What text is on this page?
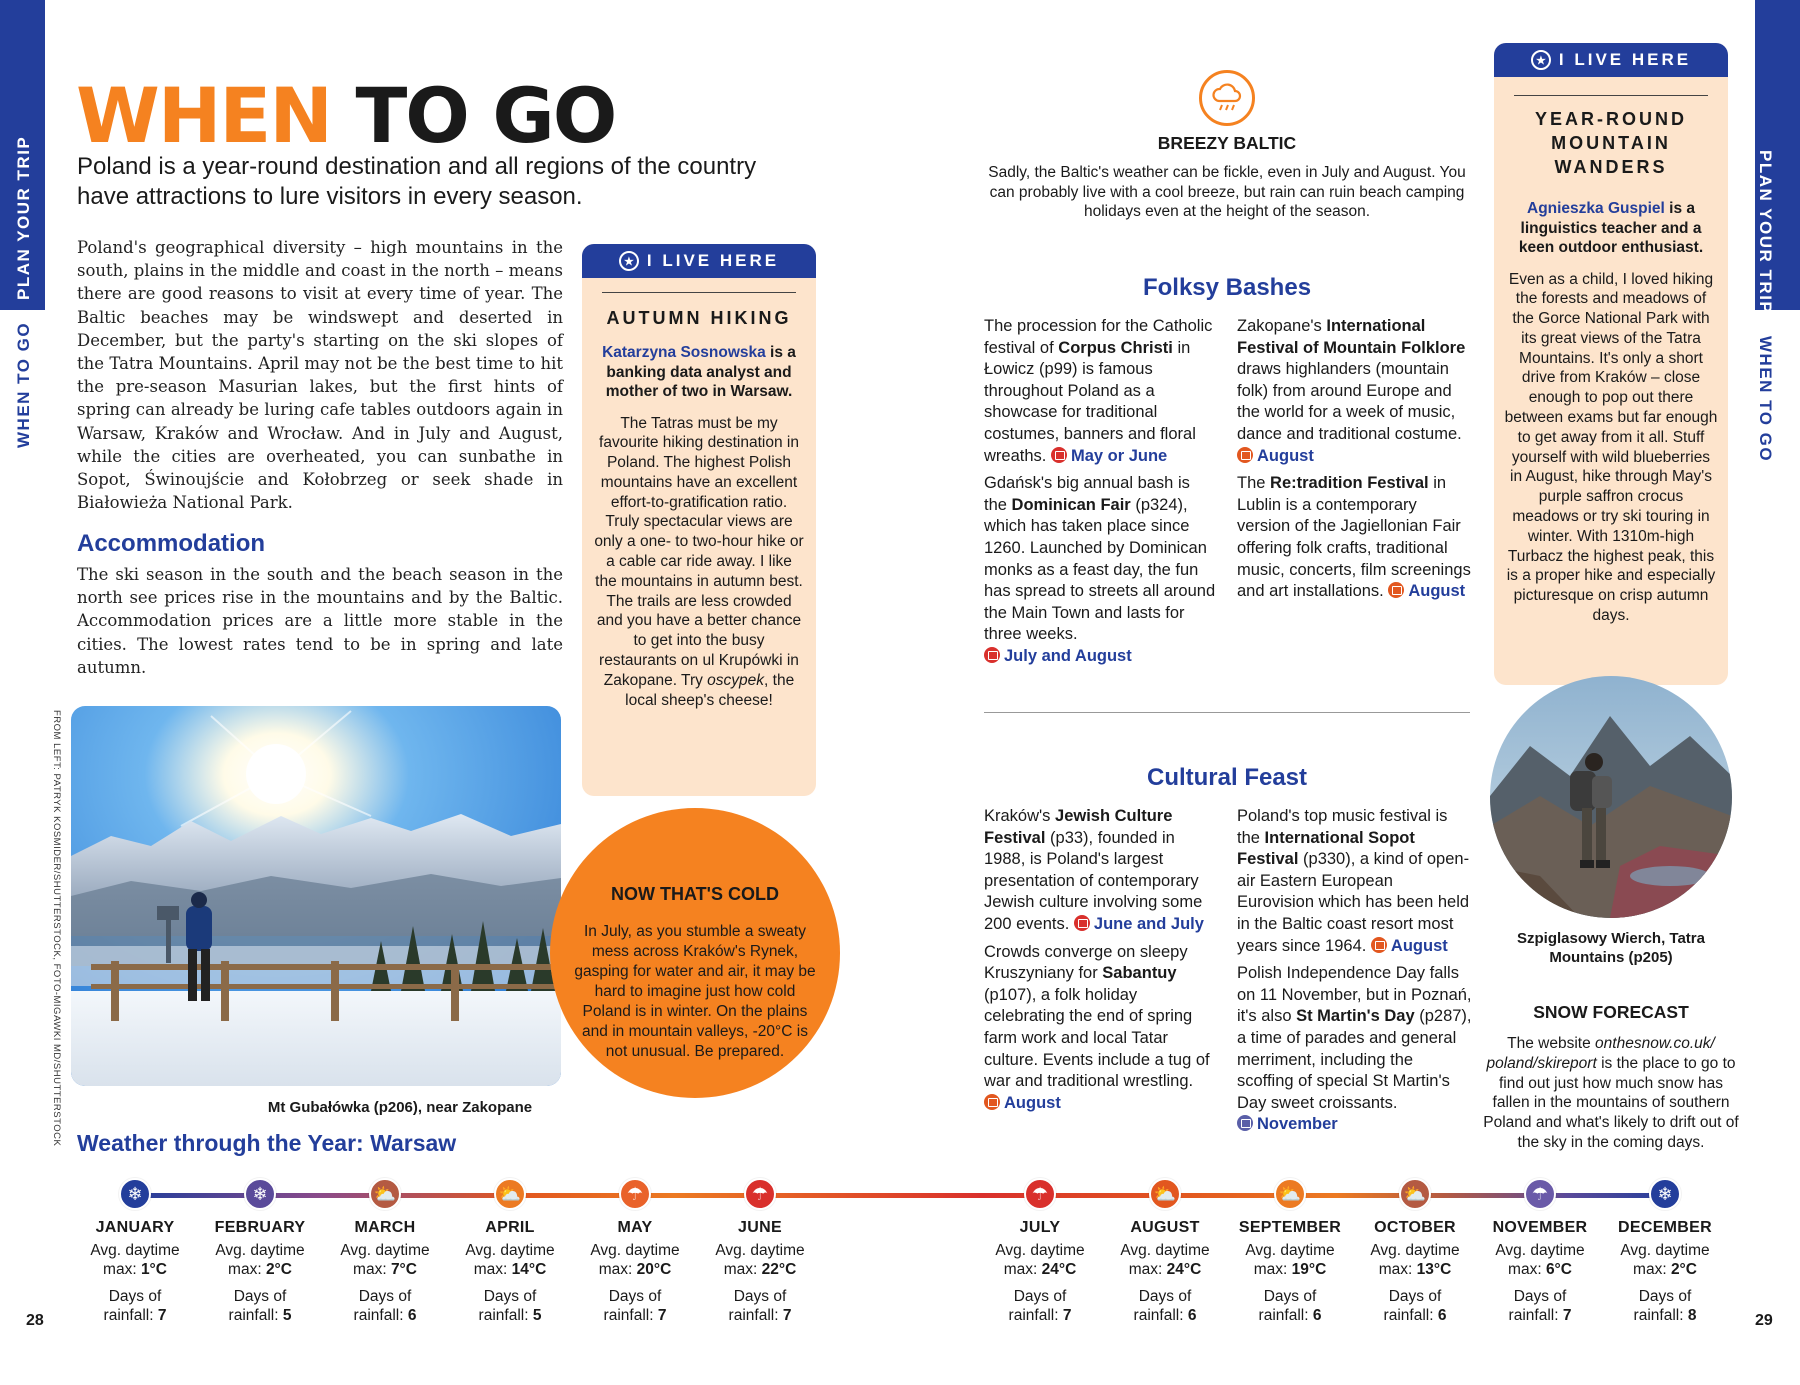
PLAN YOUR TRIP
WHEN TO GO
PLAN YOUR TRIP
WHEN TO GO
WHEN TO GO
Poland is a year-round destination and all regions of the country have attractions to lure visitors in every season.
Poland's geographical diversity – high mountains in the south, plains in the middle and coast in the north – means there are good reasons to visit at every time of year. The Baltic beaches may be windswept and deserted in December, but the party's starting on the ski slopes of the Tatra Mountains. April may not be the best time to hit the pre-season Masurian lakes, but the first hints of spring can already be luring cafe tables outdoors again in Warsaw, Kraków and Wrocław. And in July and August, while the cities are overheated, you can sunbathe in Sopot, Świnoujście and Kołobrzeg or seek shade in Białowieża National Park.
Accommodation
The ski season in the south and the beach season in the north see prices rise in the mountains and by the Baltic. Accommodation prices are a little more stable in the cities. The lowest rates tend to be in spring and late autumn.
FROM LEFT: PATRYK KOSMIDER/SHUTTERSTOCK, FOTO-MIGAWKI MD/SHUTTERSTOCK	Mt Gubałówka (p206), near Zakopane
★ I LIVE HERE
AUTUMN HIKING
Katarzyna Sosnowska is a banking data analyst and mother of two in Warsaw.
The Tatras must be my favourite hiking destination in Poland. The highest Polish mountains have an excellent effort-to-gratification ratio. Truly spectacular views are only a one- to two-hour hike or a cable car ride away. I like the mountains in autumn best. The trails are less crowded and you have a better chance to get into the busy restaurants on ul Krupówki in Zakopane. Try oscypek, the local sheep's cheese!
NOW THAT'S COLD
In July, as you stumble a sweaty mess across Kraków's Rynek, gasping for water and air, it may be hard to imagine just how cold Poland is in winter. On the plains and in mountain valleys, -20°C is not unusual. Be prepared.
BREEZY BALTIC
Sadly, the Baltic's weather can be fickle, even in July and August. You can probably live with a cool breeze, but rain can ruin beach camping holidays even at the height of the season.
Folksy Bashes

The procession for the Catholic festival of Corpus Christi in Łowicz (p99) is famous throughout Poland as a showcase for traditional costumes, banners and floral wreaths. May or June

Gdańsk's big annual bash is the Dominican Fair (p324), which has taken place since 1260. Launched by Dominican monks as a feast day, the fun has spread to streets all around the Main Town and lasts for three weeks. July and August

Zakopane's International Festival of Mountain Folklore draws highlanders (mountain folk) from around Europe and the world for a week of music, dance and traditional costume. August

The Re:tradition Festival in Lublin is a contemporary version of the Jagiellonian Fair offering folk crafts, traditional music, concerts, film screenings and art installations. August

Cultural Feast

Kraków's Jewish Culture Festival (p33), founded in 1988, is Poland's largest presentation of contemporary Jewish culture involving some 200 events. June and July

Crowds converge on sleepy Kruszyniany for Sabantuy (p107), a folk holiday celebrating the end of spring farm work and local Tatar culture. Events include a tug of war and traditional wrestling. August

Poland's top music festival is the International Sopot Festival (p330), a kind of open-air Eastern European Eurovision which has been held in the Baltic coast resort most years since 1964. August

Polish Independence Day falls on 11 November, but in Poznań, it's also St Martin's Day (p287), a time of parades and general merriment, including the scoffing of special St Martin's Day sweet croissants. November

★ I LIVE HERE
YEAR-ROUND MOUNTAIN WANDERS
Agnieszka Guspiel is a linguistics teacher and a keen outdoor enthusiast.
Even as a child, I loved hiking the forests and meadows of the Gorce National Park with its great views of the Tatra Mountains. It's only a short drive from Kraków – close enough to pop out there between exams but far enough to get away from it all. Stuff yourself with wild blueberries in August, hike through May's purple saffron crocus meadows or try ski touring in winter. With 1310m-high Turbacz the highest peak, this is a proper hike and especially picturesque on crisp autumn days.
Szpiglasowy Wierch, Tatra Mountains (p205)
SNOW FORECAST
The website onthesnow.co.uk/ poland/skireport is the place to go to find out just how much snow has fallen in the mountains of southern Poland and what's likely to drift out of the sky in the coming days.
Weather through the Year: Warsaw
❄
JANUARY
Avg. daytime
max: 1°C
Days of
rainfall: 7
❄
FEBRUARY
Avg. daytime
max: 2°C
Days of
rainfall: 5
⛅
MARCH
Avg. daytime
max: 7°C
Days of
rainfall: 6
⛅
APRIL
Avg. daytime
max: 14°C
Days of
rainfall: 5
☂
MAY
Avg. daytime
max: 20°C
Days of
rainfall: 7
☂
JUNE
Avg. daytime
max: 22°C
Days of
rainfall: 7
☂
JULY
Avg. daytime
max: 24°C
Days of
rainfall: 7
⛅
AUGUST
Avg. daytime
max: 24°C
Days of
rainfall: 6
⛅
SEPTEMBER
Avg. daytime
max: 19°C
Days of
rainfall: 6
⛅
OCTOBER
Avg. daytime
max: 13°C
Days of
rainfall: 6
☂
NOVEMBER
Avg. daytime
max: 6°C
Days of
rainfall: 7
❄
DECEMBER
Avg. daytime
max: 2°C
Days of
rainfall: 8
28	29
